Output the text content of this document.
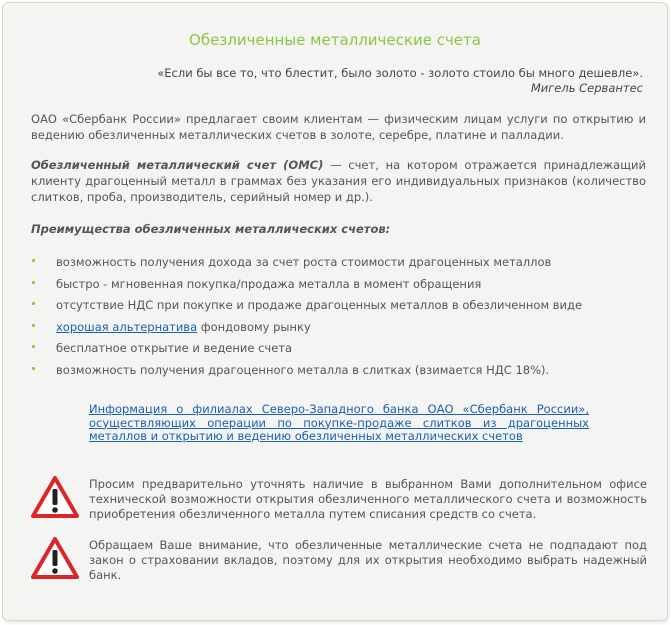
Обезличенные металлические счета
«Если бы все то, что блестит, было золото - золото стоило бы много дешевле».
Мигель Сервантес
ОАО «Сбербанк России» предлагает своим клиентам — физическим лицам услуги по открытию и ведению обезличенных металлических счетов в золоте, серебре, платине и палладии.
Обезличенный металлический счет (ОМС) — счет, на котором отражается принадлежащий клиенту драгоценный металл в граммах без указания его индивидуальных признаков (количество слитков, проба, производитель, серийный номер и др.).
Преимущества обезличенных металлических счетов:
возможность получения дохода за счет роста стоимости драгоценных металлов
быстро - мгновенная покупка/продажа металла в момент обращения
отсутствие НДС при покупке и продаже драгоценных металлов в обезличенном виде
хорошая альтернатива фондовому рынку
бесплатное открытие и ведение счета
возможность получения драгоценного металла в слитках (взимается НДС 18%).
Информация о филиалах Северо-Западного банка ОАО «Сбербанк России», осуществляющих операции по покупке-продаже слитков из драгоценных металлов и открытию и ведению обезличенных металлических счетов
Просим предварительно уточнять наличие в выбранном Вами дополнительном офисе технической возможности открытия обезличенного металлического счета и возможность приобретения обезличенного металла путем списания средств со счета.
Обращаем Ваше внимание, что обезличенные металлические счета не подпадают под закон о страховании вкладов, поэтому для их открытия необходимо выбрать надежный банк.
